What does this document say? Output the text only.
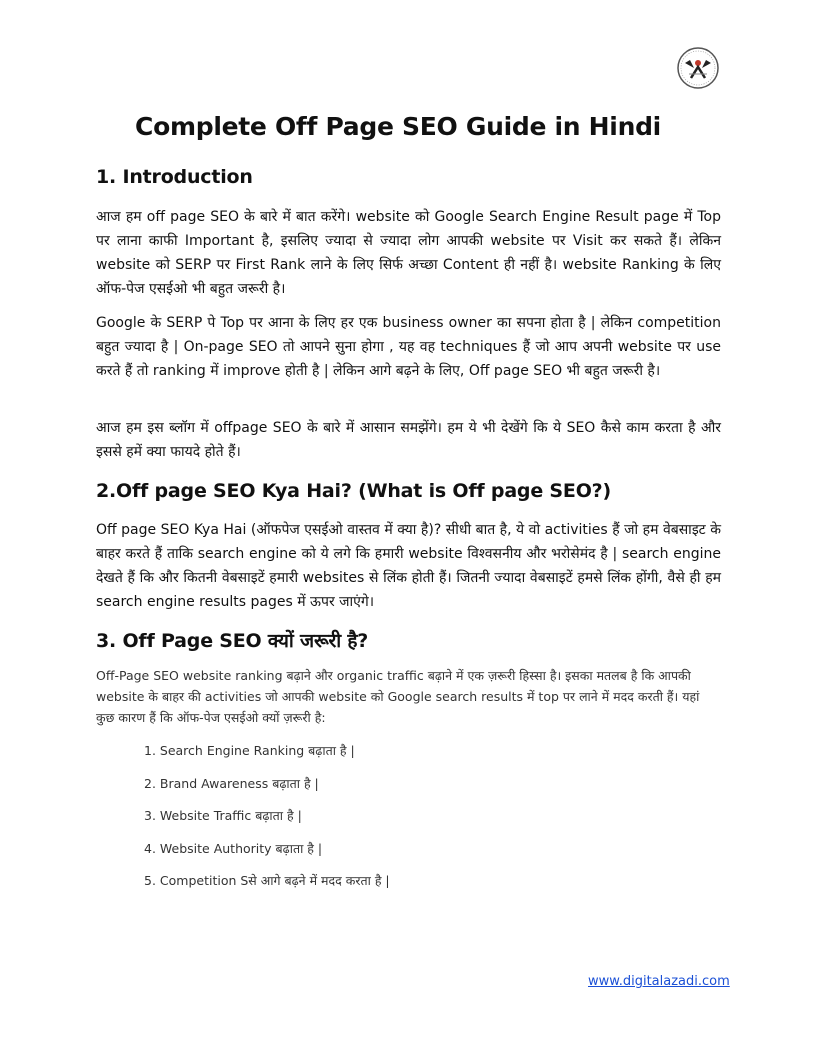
Complete Off Page SEO Guide in Hindi
1. Introduction

आज हम off page SEO के बारे में बात करेंगे। website को Google Search Engine Result page में Top पर लाना काफी Important है, इसलिए ज्यादा से ज्यादा लोग आपकी website पर Visit कर सकते हैं। लेकिन website को SERP पर First Rank लाने के लिए सिर्फ अच्छा Content ही नहीं है। website Ranking के लिए ऑफ-पेज एसईओ भी बहुत जरूरी है।

Google के SERP पे Top पर आना के लिए हर एक business owner का सपना होता है | लेकिन competition बहुत ज्यादा है | On-page SEO तो आपने सुना होगा , यह वह techniques हैं जो आप अपनी website पर use करते हैं तो ranking में improve होती है | लेकिन आगे बढ़ने के लिए, Off page SEO भी बहुत जरूरी है।

आज हम इस ब्लॉग में offpage SEO के बारे में आसान समझेंगे। हम ये भी देखेंगे कि ये SEO कैसे काम करता है और इससे हमें क्या फायदे होते हैं।

2.Off page SEO Kya Hai? (What is Off page SEO?)

Off page SEO Kya Hai (ऑफपेज एसईओ वास्तव में क्या है)? सीधी बात है, ये वो activities हैं जो हम वेबसाइट के बाहर करते हैं ताकि search engine को ये लगे कि हमारी website विश्वसनीय और भरोसेमंद है | search engine देखते हैं कि और कितनी वेबसाइटें हमारी websites से लिंक होती हैं। जितनी ज्यादा वेबसाइटें हमसे लिंक होंगी, वैसे ही हम search engine results pages में ऊपर जाएंगे।

3. Off Page SEO क्यों जरूरी है?

Off-Page SEO website ranking बढ़ाने और organic traffic बढ़ाने में एक ज़रूरी हिस्सा है। इसका मतलब है कि आपकी website के बाहर की activities जो आपकी website को Google search results में top पर लाने में मदद करती हैं। यहां कुछ कारण हैं कि ऑफ-पेज एसईओ क्यों ज़रूरी है:

1. Search Engine Ranking बढ़ाता है |
2. Brand Awareness बढ़ाता है |
3. Website Traffic बढ़ाता है |
4. Website Authority बढ़ाता है |
5. Competition Sसे आगे बढ़ने में मदद करता है |
www.digitalazadi.com
